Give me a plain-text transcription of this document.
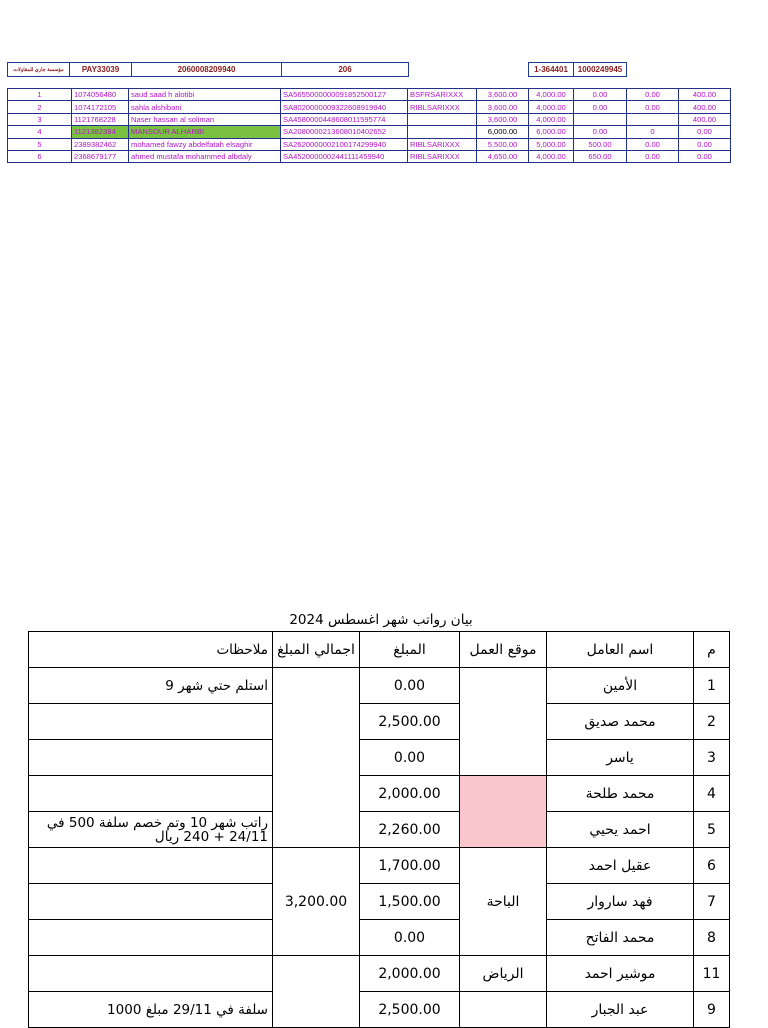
مؤسسة جاري للمقاولات	PAY33039	2060008209940	206		1-364401	1000249945
1	1074056480	saud saad h alotibi	SA5655000000091852500127	BSFRSARIXXX	3,600.00	4,000.00	0.00	0.00	400.00
2	1074172105	sahla alshibani	SA8020000009322608919940	RIBLSARIXXX	3,600.00	4,000.00	0.00	0.00	400.00
3	1121768228	Naser hassan al soliman	SA4580000448608011595774		3,600.00	4,000.00			400.00
4	1121382384	MANSOUR ALHARBI	SA2080000213608010402652		6,000.00	6,000.00	0.00	0	0.00
5	2389382462	mohamed fawzy abdelfatah elsaghir	SA2620000002100174299940	RIBLSARIXXX	5,500.00	5,000.00	500.00	0.00	0.00
6	2368679177	ahmed mustafa mohammed albdaly	SA4520000002441111459940	RIBLSARIXXX	4,650.00	4,000.00	650.00	0.00	0.00
بيان رواتب شهر اغسطس 2024
م	اسم العامل	موقع العمل	المبلغ	اجمالي المبلغ	ملاحظات
1	الأمين		0.00		استلم حتي شهر 9
2	محمد صديق		2,500.00		
3	ياسر		0.00		
4	محمد طلحة		2,000.00		
5	احمد يحيي		2,260.00		راتب شهر 10 وتم خصم سلفة 500 في 24/11 + 240 ريال
6	عقيل احمد	الباحة	1,700.00	3,200.00	
7	فهد ساروار		1,500.00		
8	محمد الفاتح		0.00		
11	موشير احمد	الرياض	2,000.00		
9	عبد الجبار		2,500.00		سلفة في 29/11 مبلغ 1000
